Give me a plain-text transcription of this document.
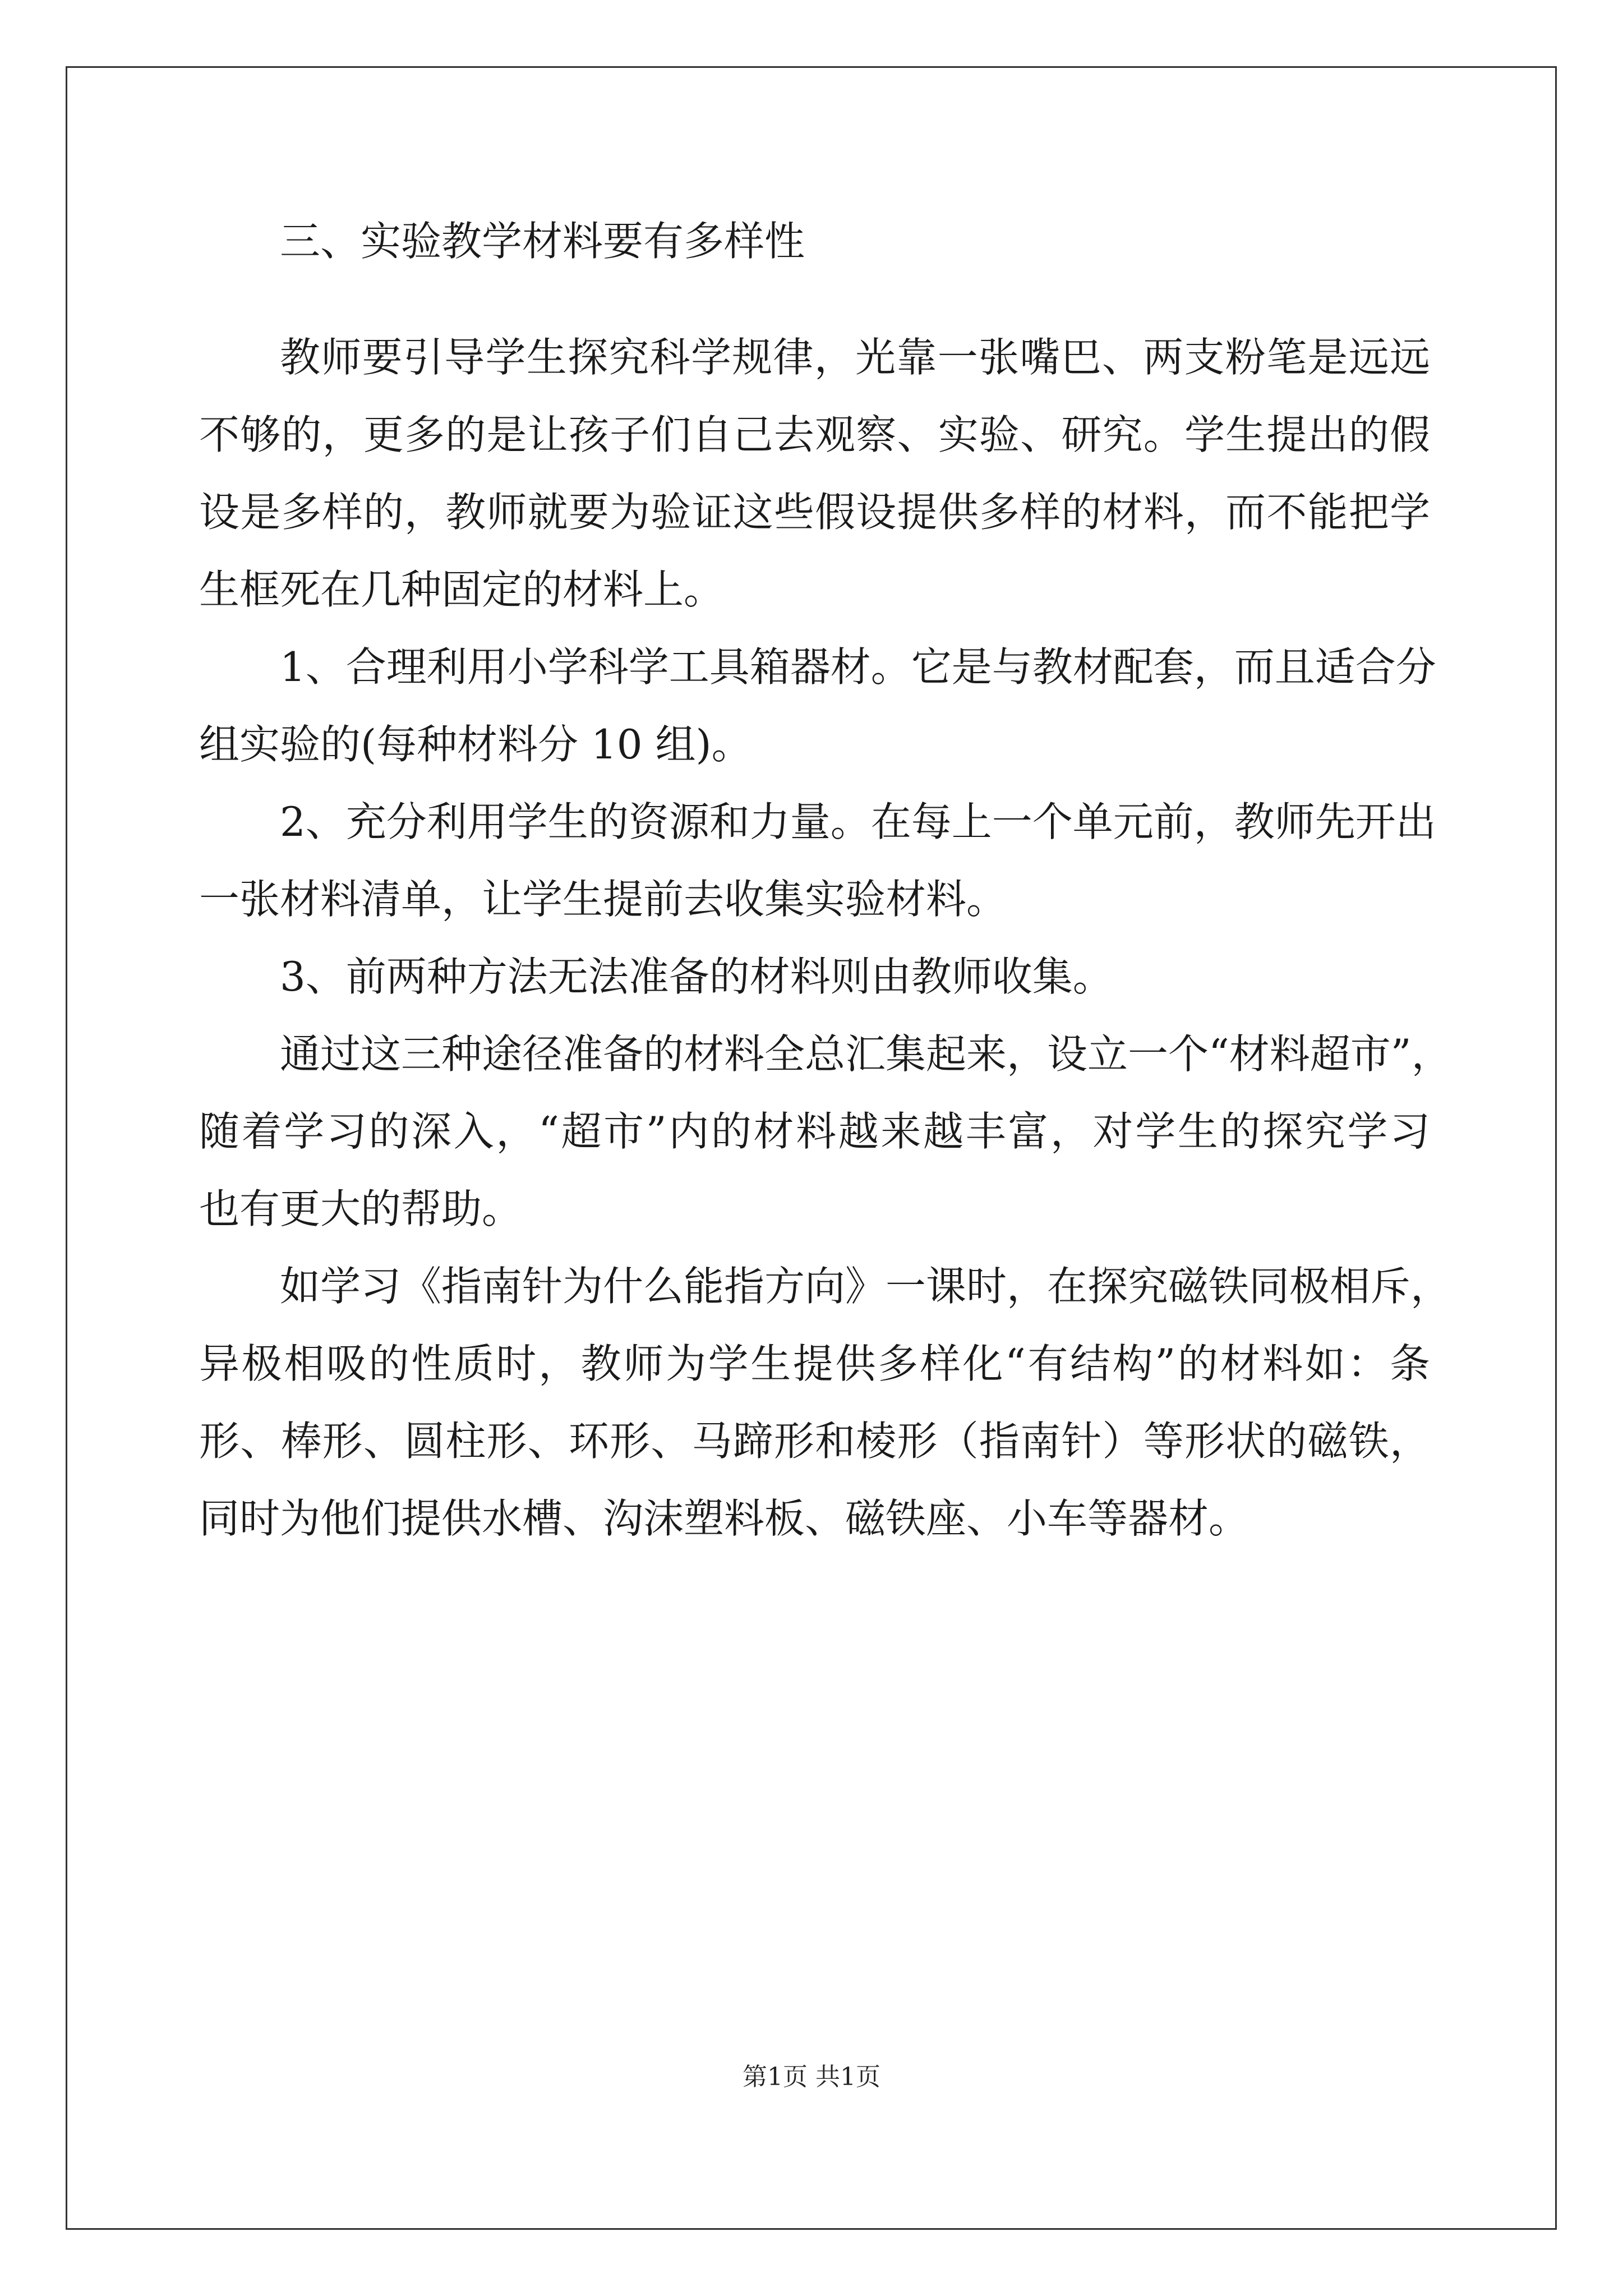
三、实验教学材料要有多样性
教师要引导学生探究科学规律，光靠一张嘴巴、两支粉笔是远远
不够的，更多的是让孩子们自己去观察、实验、研究。学生提出的假
设是多样的，教师就要为验证这些假设提供多样的材料，而不能把学
生框死在几种固定的材料上。
1、合理利用小学科学工具箱器材。它是与教材配套，而且适合分
组实验的(每种材料分 10 组)。
2、充分利用学生的资源和力量。在每上一个单元前，教师先开出
一张材料清单，让学生提前去收集实验材料。
3、前两种方法无法准备的材料则由教师收集。
通过这三种途径准备的材料全总汇集起来，设立一个“材料超市”，
随着学习的深入，“超市”内的材料越来越丰富，对学生的探究学习
也有更大的帮助。
如学习《指南针为什么能指方向》一课时，在探究磁铁同极相斥，
异极相吸的性质时，教师为学生提供多样化“有结构”的材料如：条
形、棒形、圆柱形、环形、马蹄形和棱形（指南针）等形状的磁铁，
同时为他们提供水槽、沟沫塑料板、磁铁座、小车等器材。
第1页 共1页
